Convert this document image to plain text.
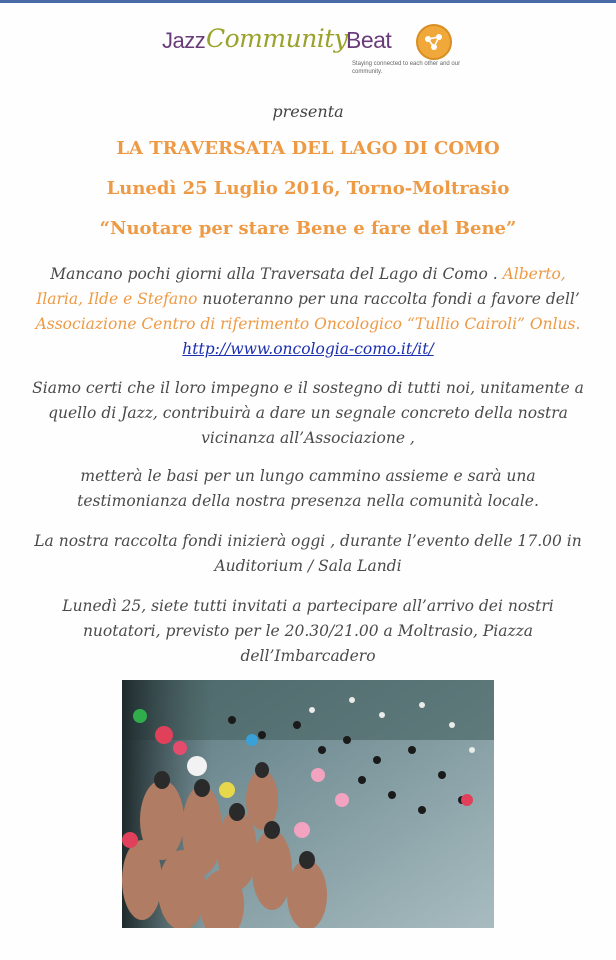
Jazz Community
Beat
Staying connected to each other and our community.
presenta
LA TRAVERSATA DEL LAGO DI COMO
Lunedì 25 Luglio 2016, Torno-Moltrasio
“Nuotare per stare Bene e fare del Bene”
Mancano pochi giorni alla Traversata del Lago di Como . Alberto,
Ilaria, Ilde e Stefano nuoteranno per una raccolta fondi a favore dell’
Associazione Centro di riferimento Oncologico “Tullio Cairoli” Onlus.
http://www.oncologia-como.it/it/
Siamo certi che il loro impegno e il sostegno di tutti noi, unitamente a
quello di Jazz, contribuirà a dare un segnale concreto della nostra
vicinanza all’Associazione ,
metterà le basi per un lungo cammino assieme e sarà una
testimonianza della nostra presenza nella comunità locale.
La nostra raccolta fondi inizierà oggi , durante l’evento delle 17.00 in
Auditorium / Sala Landi
Lunedì 25, siete tutti invitati a partecipare all’arrivo dei nostri
nuotatori, previsto per le 20.30/21.00 a Moltrasio, Piazza
dell’Imbarcadero
